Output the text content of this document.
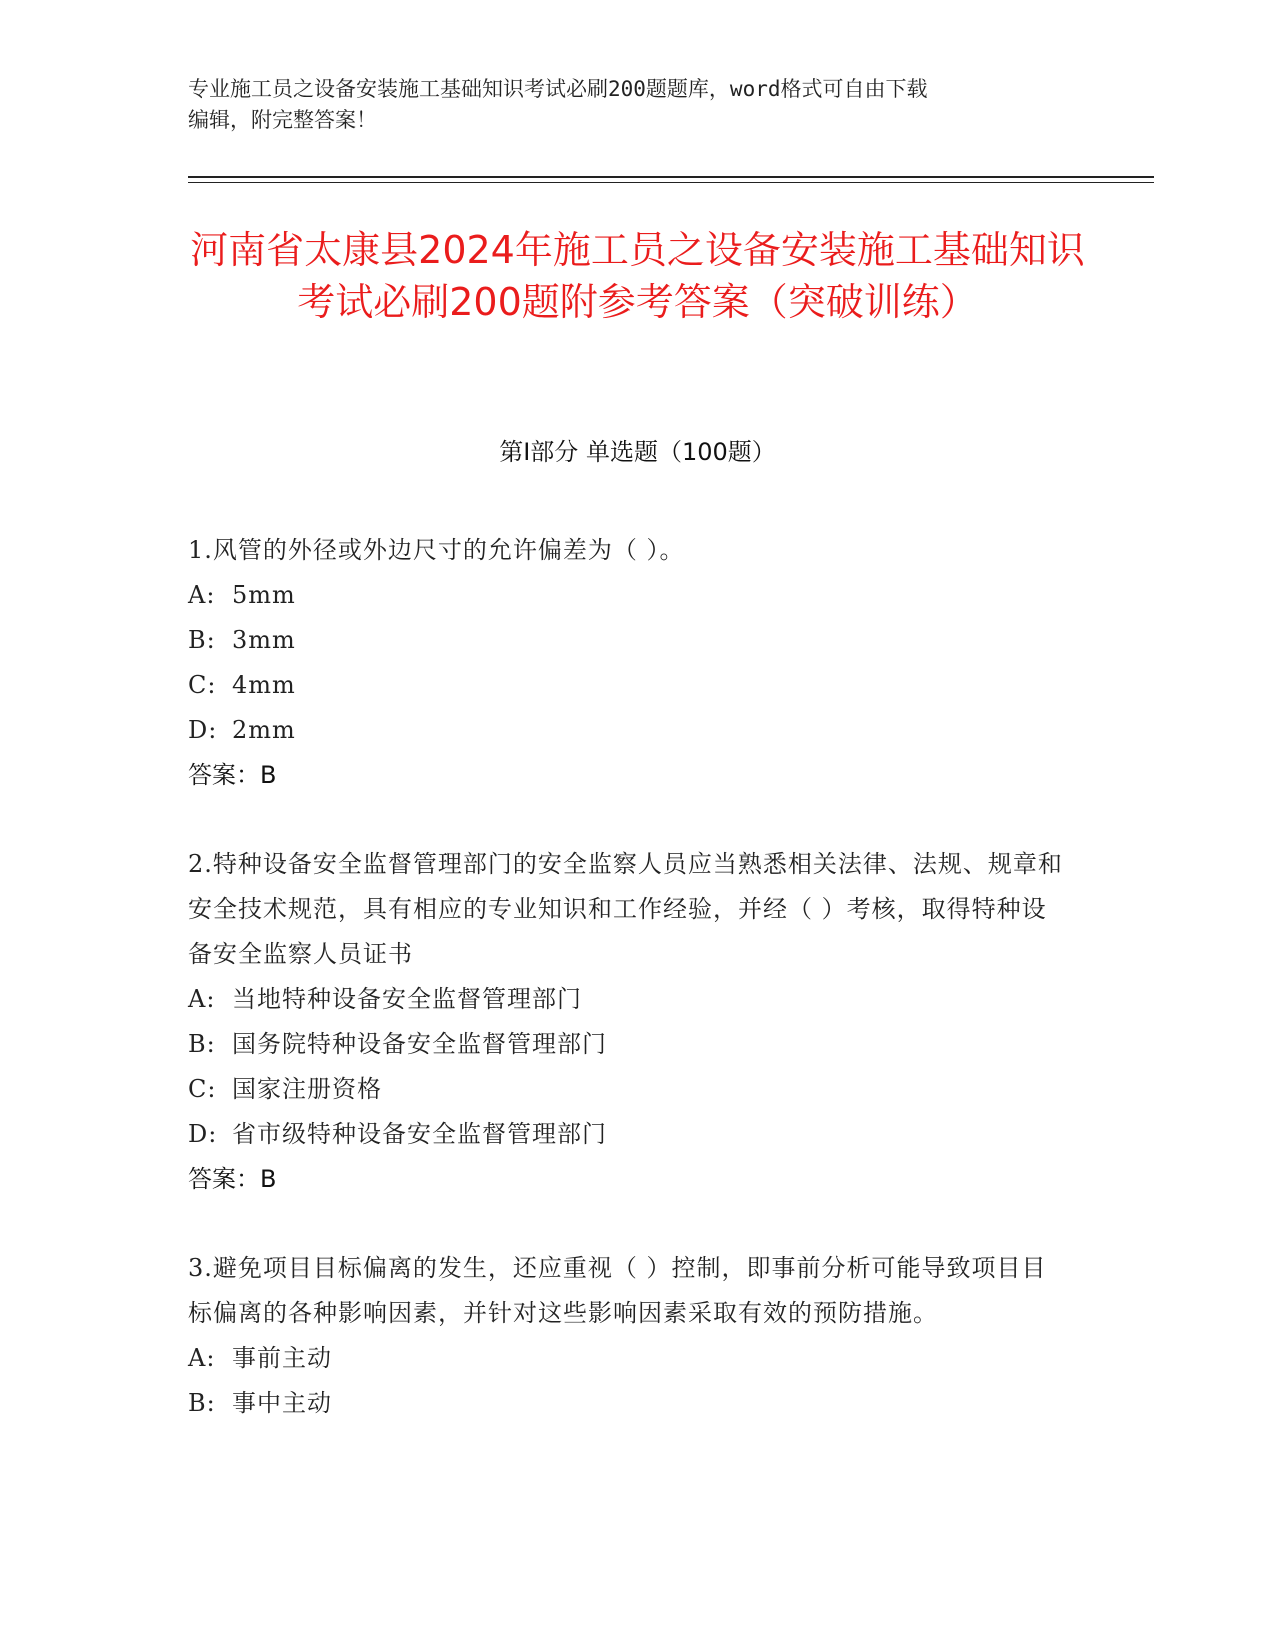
专业施工员之设备安装施工基础知识考试必刷200题题库，word格式可自由下载
编辑，附完整答案！
河南省太康县2024年施工员之设备安装施工基础知识考试必刷200题附参考答案（突破训练）
第Ⅰ部分 单选题（100题）

1.风管的外径或外边尺寸的允许偏差为（ ）。

A: 5mm

B: 3mm

C: 4mm

D: 2mm

答案：B

2.特种设备安全监督管理部门的安全监察人员应当熟悉相关法律、法规、规章和安全技术规范，具有相应的专业知识和工作经验，并经（ ）考核，取得特种设备安全监察人员证书

A: 当地特种设备安全监督管理部门

B: 国务院特种设备安全监督管理部门

C: 国家注册资格

D: 省市级特种设备安全监督管理部门

答案：B

3.避免项目目标偏离的发生，还应重视（ ）控制，即事前分析可能导致项目目标偏离的各种影响因素，并针对这些影响因素采取有效的预防措施。

A: 事前主动

B: 事中主动
